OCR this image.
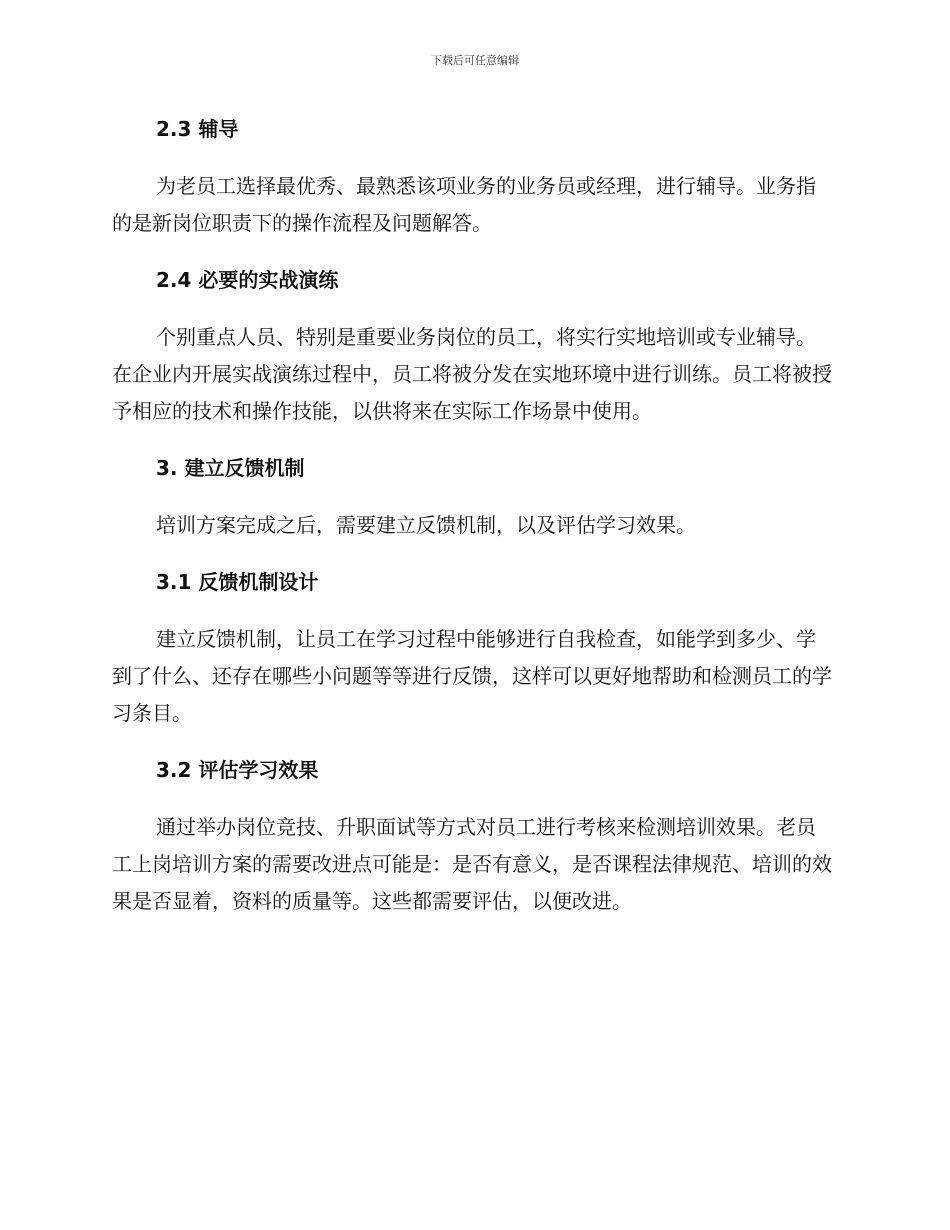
下载后可任意编辑
2.3 辅导

为老员工选择最优秀、最熟悉该项业务的业务员或经理，进行辅导。业务指的是新岗位职责下的操作流程及问题解答。

2.4 必要的实战演练

个别重点人员、特别是重要业务岗位的员工，将实行实地培训或专业辅导。在企业内开展实战演练过程中，员工将被分发在实地环境中进行训练。员工将被授予相应的技术和操作技能，以供将来在实际工作场景中使用。

3. 建立反馈机制

培训方案完成之后，需要建立反馈机制，以及评估学习效果。

3.1 反馈机制设计

建立反馈机制，让员工在学习过程中能够进行自我检查，如能学到多少、学到了什么、还存在哪些小问题等等进行反馈，这样可以更好地帮助和检测员工的学习条目。

3.2 评估学习效果

通过举办岗位竞技、升职面试等方式对员工进行考核来检测培训效果。老员工上岗培训方案的需要改进点可能是：是否有意义，是否课程法律规范、培训的效果是否显着，资料的质量等。这些都需要评估，以便改进。
